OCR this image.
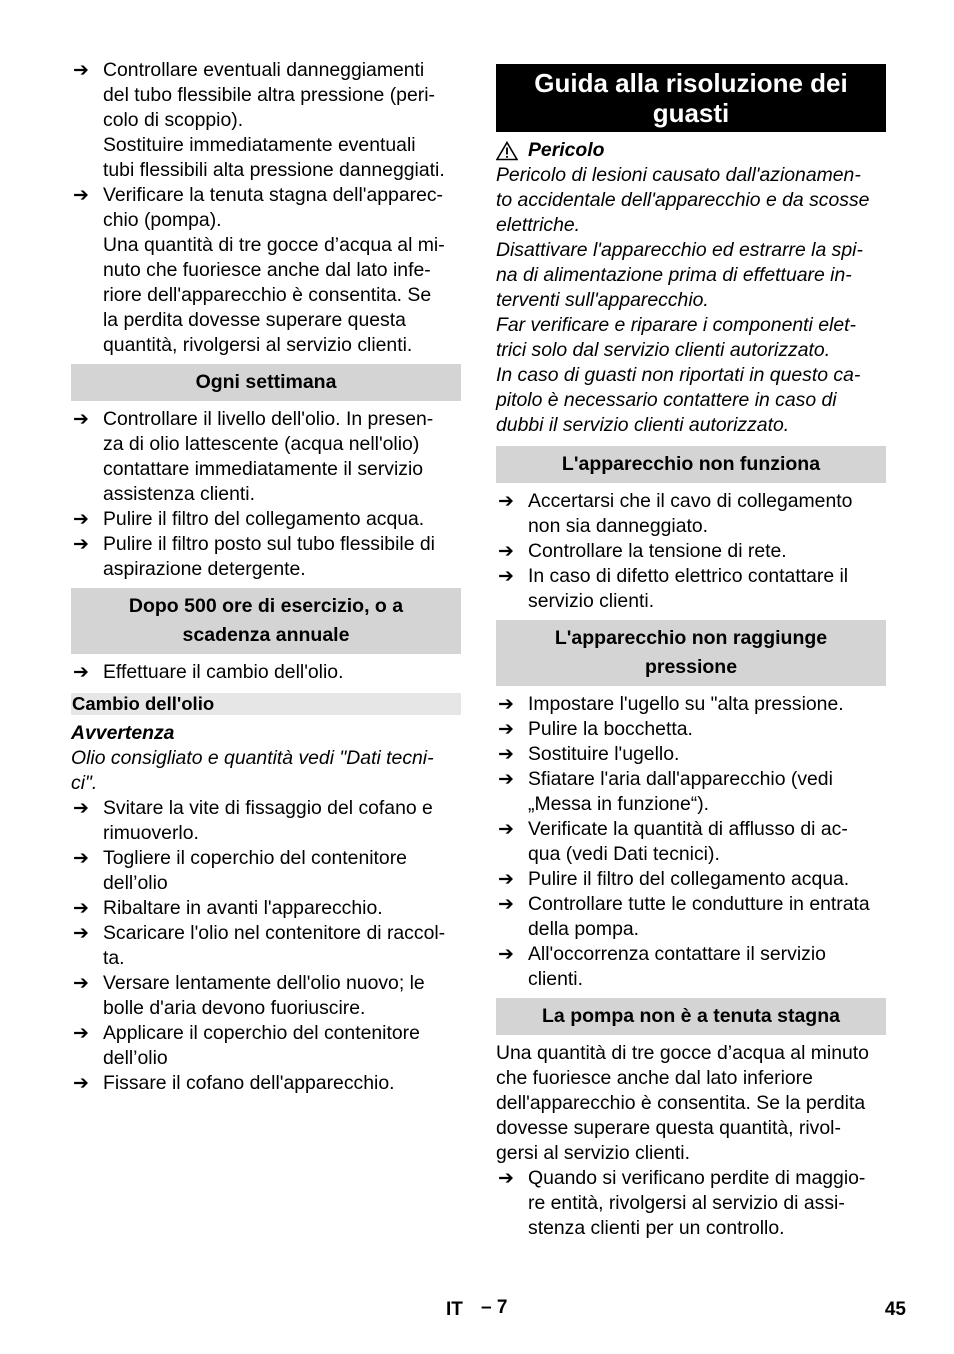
➔ Controllare eventuali danneggiamenti
del tubo flessibile altra pressione (peri-
colo di scoppio).
Sostituire immediatamente eventuali
tubi flessibili alta pressione danneggiati.
➔ Verificare la tenuta stagna dell'apparec-
chio (pompa).
Una quantità di tre gocce d’acqua al mi-
nuto che fuoriesce anche dal lato infe-
riore dell'apparecchio è consentita. Se
la perdita dovesse superare questa
quantità, rivolgersi al servizio clienti.
Ogni settimana
➔ Controllare il livello dell'olio. In presen-
za di olio lattescente (acqua nell'olio)
contattare immediatamente il servizio
assistenza clienti.
➔ Pulire il filtro del collegamento acqua.
➔ Pulire il filtro posto sul tubo flessibile di
aspirazione detergente.
Dopo 500 ore di esercizio, o a
scadenza annuale
➔ Effettuare il cambio dell'olio.
Cambio dell'olio
Avvertenza
Olio consigliato e quantità vedi "Dati tecni-
ci".
➔ Svitare la vite di fissaggio del cofano e
rimuoverlo.
➔ Togliere il coperchio del contenitore
dell’olio
➔ Ribaltare in avanti l'apparecchio.
➔ Scaricare l'olio nel contenitore di raccol-
ta.
➔ Versare lentamente dell'olio nuovo; le
bolle d'aria devono fuoriuscire.
➔ Applicare il coperchio del contenitore
dell’olio
➔ Fissare il cofano dell'apparecchio.
Guida alla risoluzione dei
guasti
Pericolo
Pericolo di lesioni causato dall'azionamen-
to accidentale dell'apparecchio e da scosse
elettriche.
Disattivare l'apparecchio ed estrarre la spi-
na di alimentazione prima di effettuare in-
terventi sull'apparecchio.
Far verificare e riparare i componenti elet-
trici solo dal servizio clienti autorizzato.
In caso di guasti non riportati in questo ca-
pitolo è necessario contattere in caso di
dubbi il servizio clienti autorizzato.
L'apparecchio non funziona
➔ Accertarsi che il cavo di collegamento
non sia danneggiato.
➔ Controllare la tensione di rete.
➔ In caso di difetto elettrico contattare il
servizio clienti.
L'apparecchio non raggiunge
pressione
➔ Impostare l'ugello su "alta pressione.
➔ Pulire la bocchetta.
➔ Sostituire l'ugello.
➔ Sfiatare l'aria dall'apparecchio (vedi
„Messa in funzione“).
➔ Verificate la quantità di afflusso di ac-
qua (vedi Dati tecnici).
➔ Pulire il filtro del collegamento acqua.
➔ Controllare tutte le condutture in entrata
della pompa.
➔ All'occorrenza contattare il servizio
clienti.
La pompa non è a tenuta stagna
Una quantità di tre gocce d’acqua al minuto
che fuoriesce anche dal lato inferiore
dell'apparecchio è consentita. Se la perdita
dovesse superare questa quantità, rivol-
gersi al servizio clienti.
➔ Quando si verificano perdite di maggio-
re entità, rivolgersi al servizio di assi-
stenza clienti per un controllo.
IT – 7	45
